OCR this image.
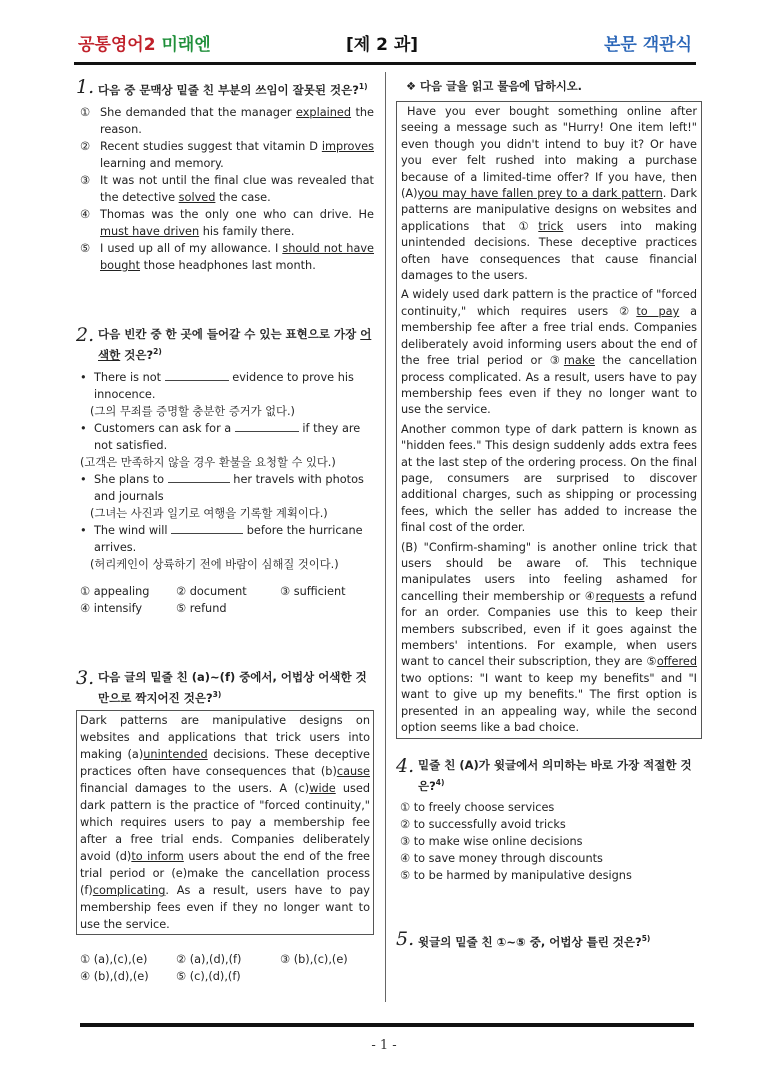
공통영어2 미래엔	[제 2 과]	본문 객관식
1. 다음 중 문맥상 밑줄 친 부분의 쓰임이 잘못된 것은?$^{1)}$
① She demanded that the manager explained the reason.
② Recent studies suggest that vitamin D improves learning and memory.
③ It was not until the final clue was revealed that the detective solved the case.
④ Thomas was the only one who can drive. He must have driven his family there.
⑤ I used up all of my allowance. I should not have bought those headphones last month.
2. 다음 빈칸 중 한 곳에 들어갈 수 있는 표현으로 가장 어색한 것은?$^{2)}$
• There is not	evidence to prove his innocence.
(그의 무죄를 증명할 충분한 증거가 없다.)
• Customers can ask for a	if they are not satisfied.
(고객은 만족하지 않을 경우 환불을 요청할 수 있다.)
• She plans to	her travels with photos and journals
(그녀는 사진과 일기로 여행을 기록할 계획이다.)
• The wind will	before the hurricane arrives.
(허리케인이 상륙하기 전에 바람이 심해질 것이다.)
① appealing	② document	③ sufficient
④ intensify	⑤ refund
3. 다음 글의 밑줄 친 (a)~(f) 중에서, 어법상 어색한 것만으로 짝지어진 것은?$^{3)}$

Dark patterns are manipulative designs on websites and applications that trick users into making (a)unintended decisions. These deceptive practices often have consequences that (b)cause financial damages to the users. A (c)wide used dark pattern is the practice of "forced continuity," which requires users to pay a membership fee after a free trial ends. Companies deliberately avoid (d)to inform users about the end of the free trial period or (e)make the cancellation process (f)complicating. As a result, users have to pay membership fees even if they no longer want to use the service.

① (a),(c),(e)	② (a),(d),(f)	③ (b),(c),(e)
④ (b),(d),(e)	⑤ (c),(d),(f)
❖ 다음 글을 읽고 물음에 답하시오.

Have you ever bought something online after seeing a message such as "Hurry! One item left!" even though you didn't intend to buy it? Or have you ever felt rushed into making a purchase because of a limited-time offer? If you have, then (A)you may have fallen prey to a dark pattern. Dark patterns are manipulative designs on websites and applications that ①trick users into making unintended decisions. These deceptive practices often have consequences that cause financial damages to the users.

A widely used dark pattern is the practice of "forced continuity," which requires users ②to pay a membership fee after a free trial ends. Companies deliberately avoid informing users about the end of the free trial period or ③make the cancellation process complicated. As a result, users have to pay membership fees even if they no longer want to use the service.

Another common type of dark pattern is known as "hidden fees." This design suddenly adds extra fees at the last step of the ordering process. On the final page, consumers are surprised to discover additional charges, such as shipping or processing fees, which the seller has added to increase the final cost of the order.

(B) "Confirm-shaming" is another online trick that users should be aware of. This technique manipulates users into feeling ashamed for cancelling their membership or ④requests a refund for an order. Companies use this to keep their members subscribed, even if it goes against the members' intentions. For example, when users want to cancel their subscription, they are ⑤offered two options: "I want to keep my benefits" and "I want to give up my benefits." The first option is presented in an appealing way, while the second option seems like a bad choice.

4. 밑줄 친 (A)가 윗글에서 의미하는 바로 가장 적절한 것은?$^{4)}$
① to freely choose services
② to successfully avoid tricks
③ to make wise online decisions
④ to save money through discounts
⑤ to be harmed by manipulative designs
5. 윗글의 밑줄 친 ①~⑤ 중, 어법상 틀린 것은?$^{5)}$
- 1 -
